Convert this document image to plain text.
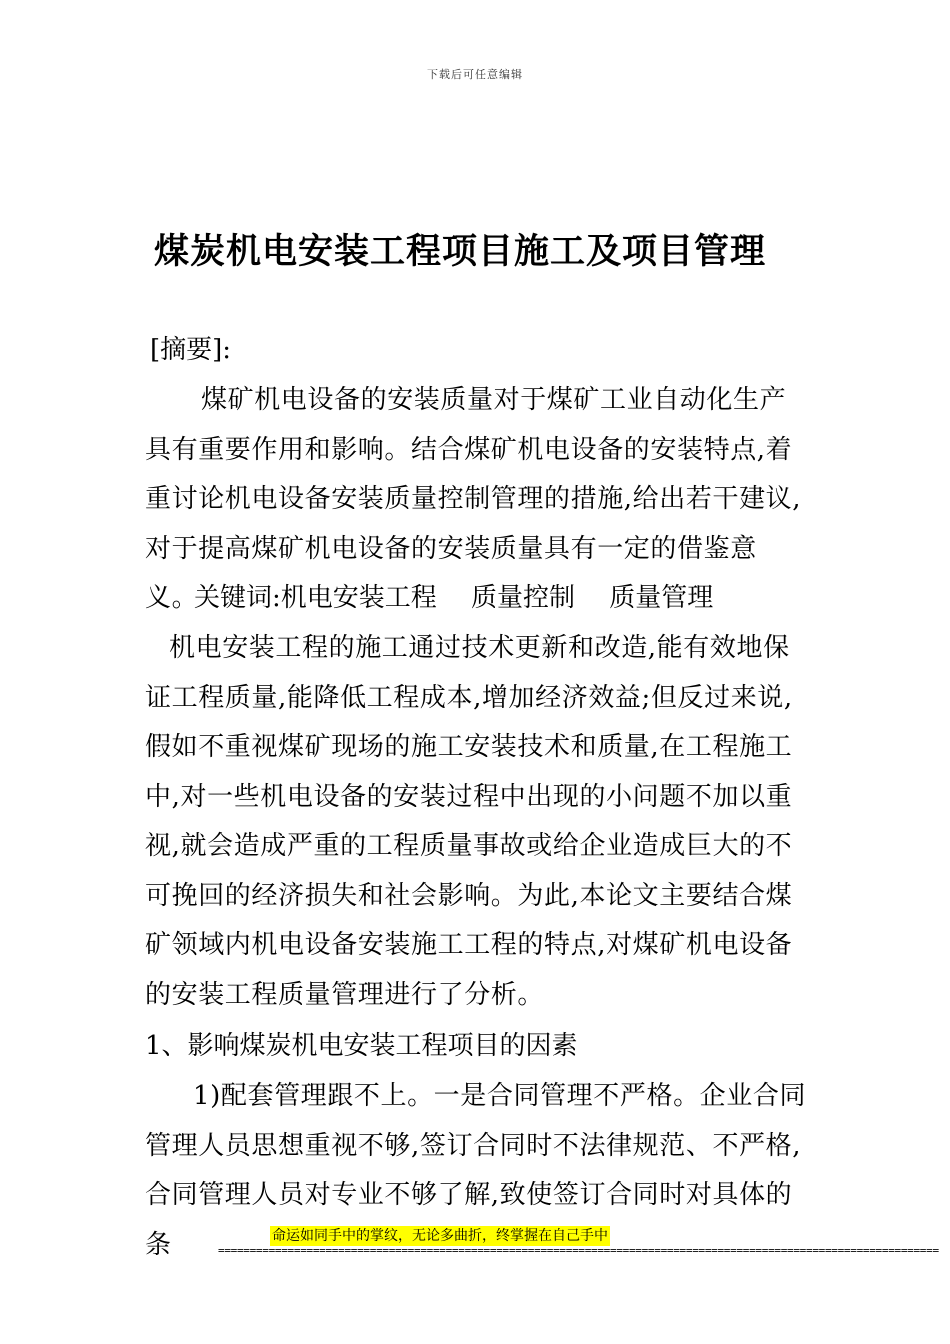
下载后可任意编辑
煤炭机电安装工程项目施工及项目管理
[摘要]:
煤矿机电设备的安装质量对于煤矿工业自动化生产具有重要作用和影响。结合煤矿机电设备的安装特点,着重讨论机电设备安装质量控制管理的措施,给出若干建议,对于提高煤矿机电设备的安装质量具有一定的借鉴意义。
关键词:机电安装工程　 质量控制　 质量管理
机电安装工程的施工通过技术更新和改造,能有效地保证工程质量,能降低工程成本,增加经济效益;但反过来说,假如不重视煤矿现场的施工安装技术和质量,在工程施工中,对一些机电设备的安装过程中出现的小问题不加以重视,就会造成严重的工程质量事故或给企业造成巨大的不可挽回的经济损失和社会影响。为此,本论文主要结合煤矿领域内机电设备安装施工工程的特点,对煤矿机电设备的安装工程质量管理进行了分析。
1、影响煤炭机电安装工程项目的因素
1)配套管理跟不上。一是合同管理不严格。企业合同管理人员思想重视不够,签订合同时不法律规范、不严格,合同管理人员对专业不够了解,致使签订合同时对具体的条	命运如同手中的掌纹，无论多曲折，终掌握在自己手中
==================================================================================================================
